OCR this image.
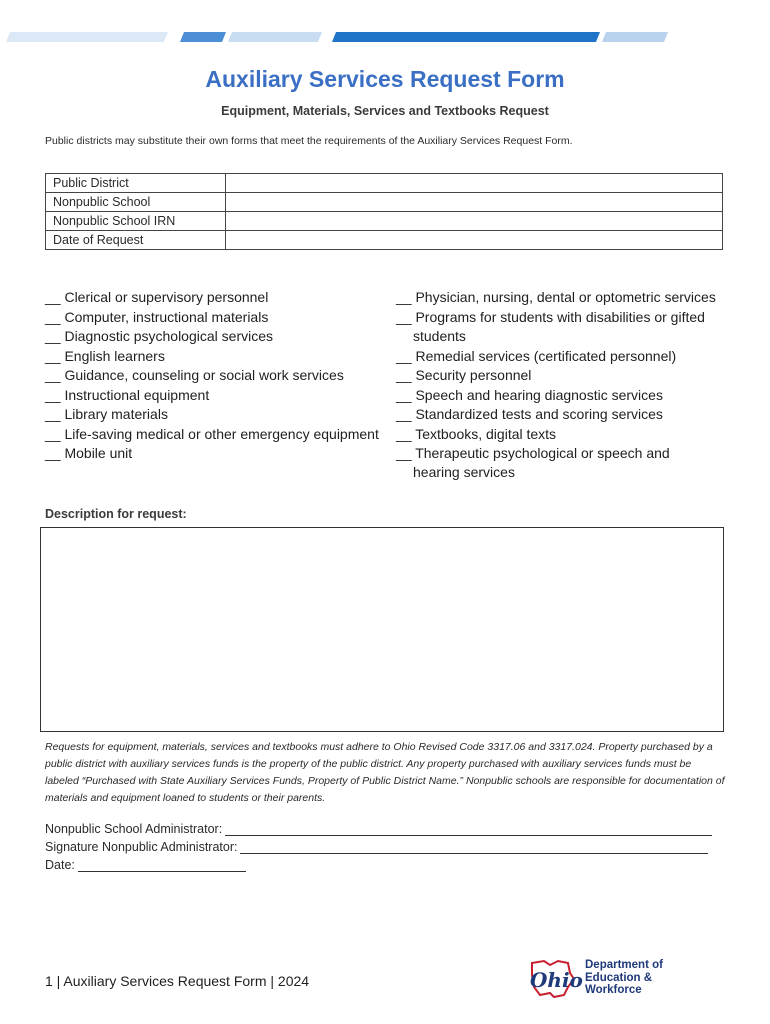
Auxiliary Services Request Form
Equipment, Materials, Services and Textbooks Request
Public districts may substitute their own forms that meet the requirements of the Auxiliary Services Request Form.
Public District	
Nonpublic School	
Nonpublic School IRN	
Date of Request	
__ Clerical or supervisory personnel
__ Computer, instructional materials
__ Diagnostic psychological services
__ English learners
__ Guidance, counseling or social work services
__ Instructional equipment
__ Library materials
__ Life-saving medical or other emergency equipment
__ Mobile unit
__ Physician, nursing, dental or optometric services
__ Programs for students with disabilities or gifted
students
__ Remedial services (certificated personnel)
__ Security personnel
__ Speech and hearing diagnostic services
__ Standardized tests and scoring services
__ Textbooks, digital texts
__ Therapeutic psychological or speech and
hearing services
Description for request:
Requests for equipment, materials, services and textbooks must adhere to Ohio Revised Code 3317.06 and 3317.024. Property purchased by a public district with auxiliary services funds is the property of the public district. Any property purchased with auxiliary services funds must be labeled “Purchased with State Auxiliary Services Funds, Property of Public District Name.” Nonpublic schools are responsible for documentation of materials and equipment loaned to students or their parents.
Nonpublic School Administrator:
Signature Nonpublic Administrator:
Date:
1 | Auxiliary Services Request Form | 2024	Ohio
Department of
Education &
Workforce
